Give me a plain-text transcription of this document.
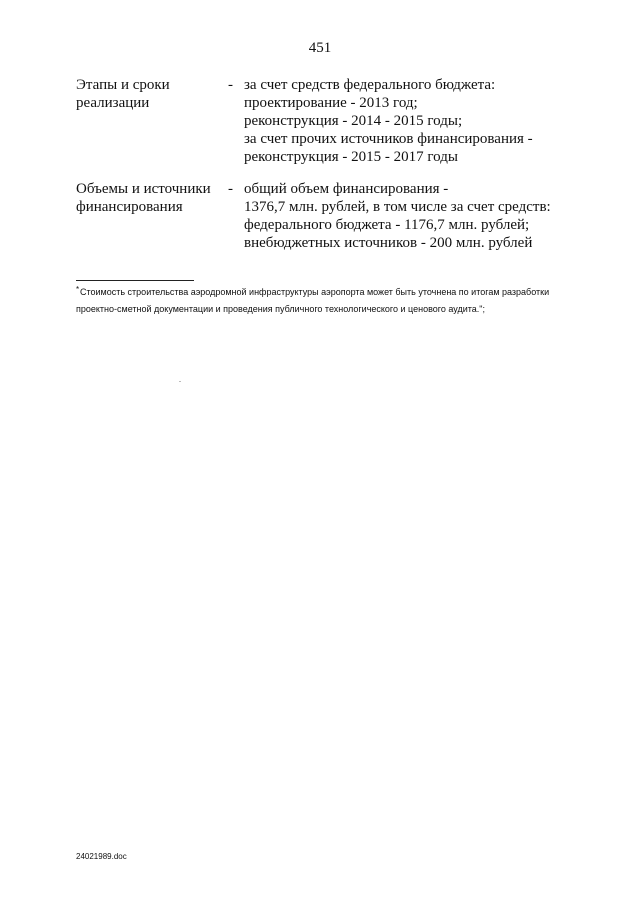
451
Этапы и сроки реализации
- за счет средств федерального бюджета:
проектирование - 2013 год;
реконструкция - 2014 - 2015 годы;
за счет прочих источников финансирования -
реконструкция - 2015 - 2017 годы
Объемы и источники финансирования
- общий объем финансирования -
1376,7 млн. рублей, в том числе за счет средств:
федерального бюджета - 1176,7 млн. рублей;
внебюджетных источников - 200 млн. рублей
* Стоимость строительства аэродромной инфраструктуры аэропорта может быть уточнена по итогам разработки проектно-сметной документации и проведения публичного технологического и ценового аудита.";
24021989.doc
